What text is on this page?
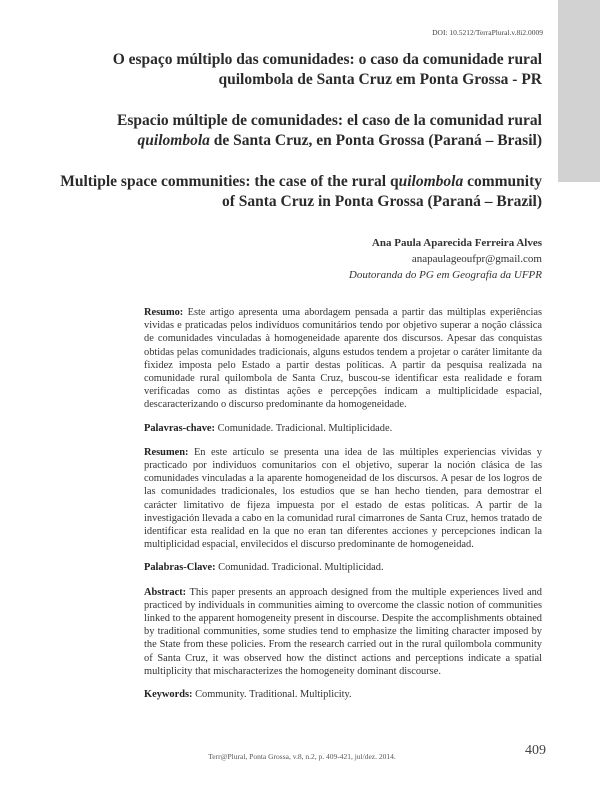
DOI: 10.5212/TerraPlural.v.8i2.0009
O espaço múltiplo das comunidades: o caso da comunidade rural quilombola de Santa Cruz em Ponta Grossa - PR
Espacio múltiple de comunidades: el caso de la comunidad rural
quilombola de Santa Cruz, en Ponta Grossa (Paraná – Brasil)
Multiple space communities: the case of the rural quilombola community of Santa Cruz in Ponta Grossa (Paraná – Brazil)
Ana Paula Aparecida Ferreira Alves
anapaulageoufpr@gmail.com
Doutoranda do PG em Geografia da UFPR

Resumo: Este artigo apresenta uma abordagem pensada a partir das múltiplas experiências vividas e praticadas pelos indivíduos comunitários tendo por objetivo superar a noção clássica de comunidades vinculadas à homogeneidade aparente dos discursos. Apesar das conquistas obtidas pelas comunidades tradicionais, alguns estudos tendem a projetar o caráter limitante da fixidez imposta pelo Estado a partir destas políticas. A partir da pesquisa realizada na comunidade rural quilombola de Santa Cruz, buscou-se identificar esta realidade e foram verificadas como as distintas ações e percepções indicam a multiplicidade espacial, descaracterizando o discurso predominante da homogeneidade.

Palavras-chave: Comunidade. Tradicional. Multiplicidade.

Resumen: En este artículo se presenta una idea de las múltiples experiencias vividas y practicado por individuos comunitarios con el objetivo, superar la noción clásica de las comunidades vinculadas a la aparente homogeneidad de los discursos. A pesar de los logros de las comunidades tradicionales, los estudios que se han hecho tienden, para demostrar el carácter limitativo de fijeza impuesta por el estado de estas políticas. A partir de la investigación llevada a cabo en la comunidad rural cimarrones de Santa Cruz, hemos tratado de identificar esta realidad en la que no eran tan diferentes acciones y percepciones indican la multiplicidad espacial, envilecidos el discurso predominante de homogeneidad.

Palabras-Clave: Comunidad. Tradicional. Multiplicidad.

Abstract: This paper presents an approach designed from the multiple experiences lived and practiced by individuals in communities aiming to overcome the classic notion of communities linked to the apparent homogeneity present in discourse. Despite the accomplishments obtained by traditional communities, some studies tend to emphasize the limiting character imposed by the State from these policies. From the research carried out in the rural quilombola community of Santa Cruz, it was observed how the distinct actions and perceptions indicate a spatial multiplicity that mischaracterizes the homogeneity dominant discourse.

Keywords: Community. Traditional. Multiplicity.

Terr@Plural, Ponta Grossa, v.8, n.2, p. 409-421, jul/dez. 2014.	409
